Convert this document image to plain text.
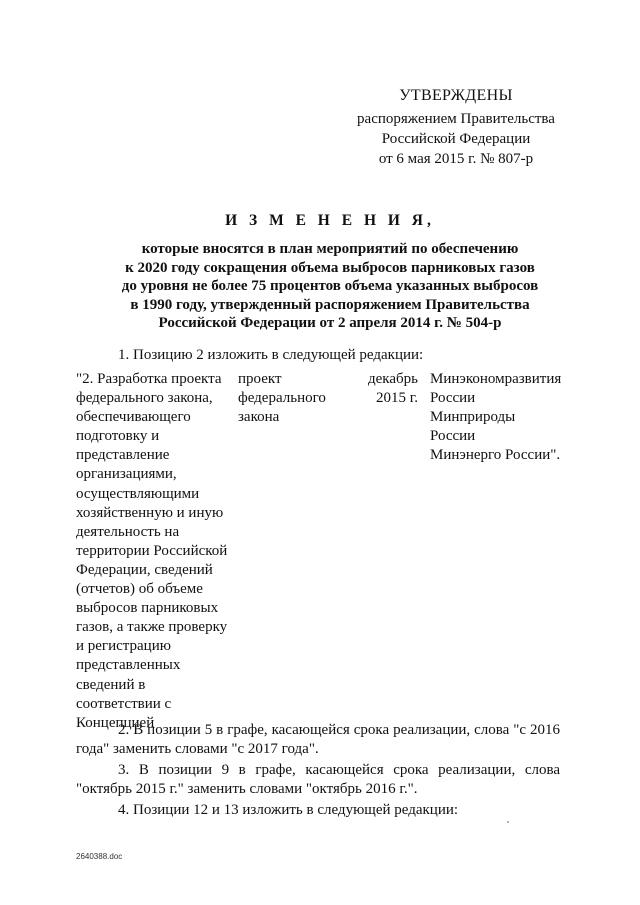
УТВЕРЖДЕНЫ
распоряжением Правительства
Российской Федерации
от 6 мая 2015 г. № 807-р
И З М Е Н Е Н И Я,
которые вносятся в план мероприятий по обеспечению
к 2020 году сокращения объема выбросов парниковых газов
до уровня не более 75 процентов объема указанных выбросов
в 1990 году, утвержденный распоряжением Правительства
Российской Федерации от 2 апреля 2014 г. № 504-р
1. Позицию 2 изложить в следующей редакции:
"2. Разработка проекта
федерального закона,
обеспечивающего
подготовку и
представление
организациями,
осуществляющими
хозяйственную и иную
деятельность на
территории Российской
Федерации, сведений
(отчетов) об объеме
выбросов парниковых
газов, а также проверку
и регистрацию
представленных
сведений в
соответствии с
Концепцией
проект
федерального
закона
декабрь
2015 г.
Минэкономразвития
России
Минприроды
России
Минэнерго России".
2. В позиции 5 в графе, касающейся срока реализации, слова "с 2016 года" заменить словами "с 2017 года".
3. В позиции 9 в графе, касающейся срока реализации, слова "октябрь 2015 г." заменить словами "октябрь 2016 г.".
4. Позиции 12 и 13 изложить в следующей редакции:
2640388.doc
